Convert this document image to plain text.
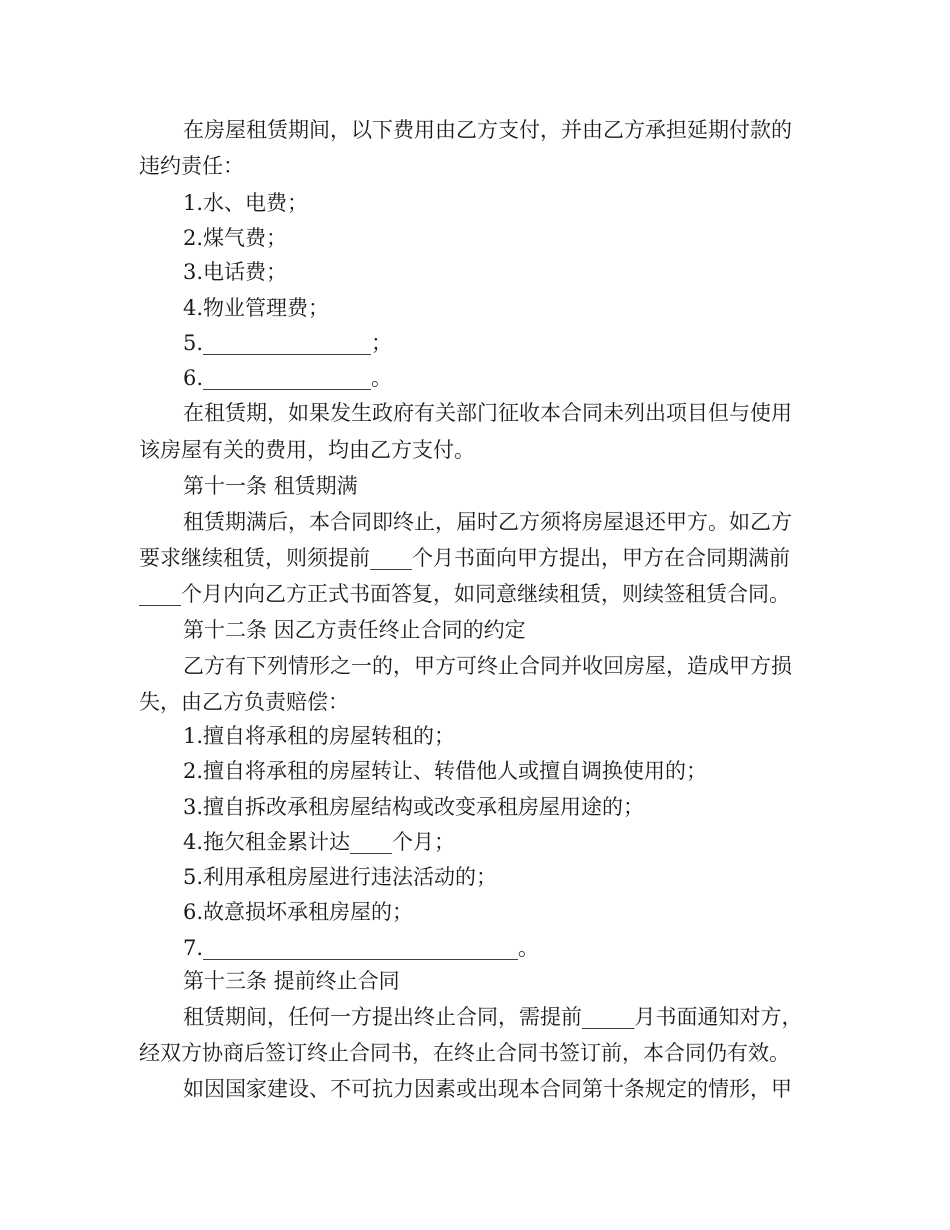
在房屋租赁期间，以下费用由乙方支付，并由乙方承担延期付款的
违约责任：
1.水、电费；
2.煤气费；
3.电话费；
4.物业管理费；
5.________________；
6.________________。
在租赁期，如果发生政府有关部门征收本合同未列出项目但与使用
该房屋有关的费用，均由乙方支付。
第十一条 租赁期满
租赁期满后，本合同即终止，届时乙方须将房屋退还甲方。如乙方
要求继续租赁，则须提前____个月书面向甲方提出，甲方在合同期满前
____个月内向乙方正式书面答复，如同意继续租赁，则续签租赁合同。
第十二条 因乙方责任终止合同的约定
乙方有下列情形之一的，甲方可终止合同并收回房屋，造成甲方损
失，由乙方负责赔偿：
1.擅自将承租的房屋转租的；
2.擅自将承租的房屋转让、转借他人或擅自调换使用的；
3.擅自拆改承租房屋结构或改变承租房屋用途的；
4.拖欠租金累计达____个月；
5.利用承租房屋进行违法活动的；
6.故意损坏承租房屋的；
7.______________________________。
第十三条 提前终止合同
租赁期间，任何一方提出终止合同，需提前_____月书面通知对方，
经双方协商后签订终止合同书，在终止合同书签订前，本合同仍有效。
如因国家建设、不可抗力因素或出现本合同第十条规定的情形，甲
